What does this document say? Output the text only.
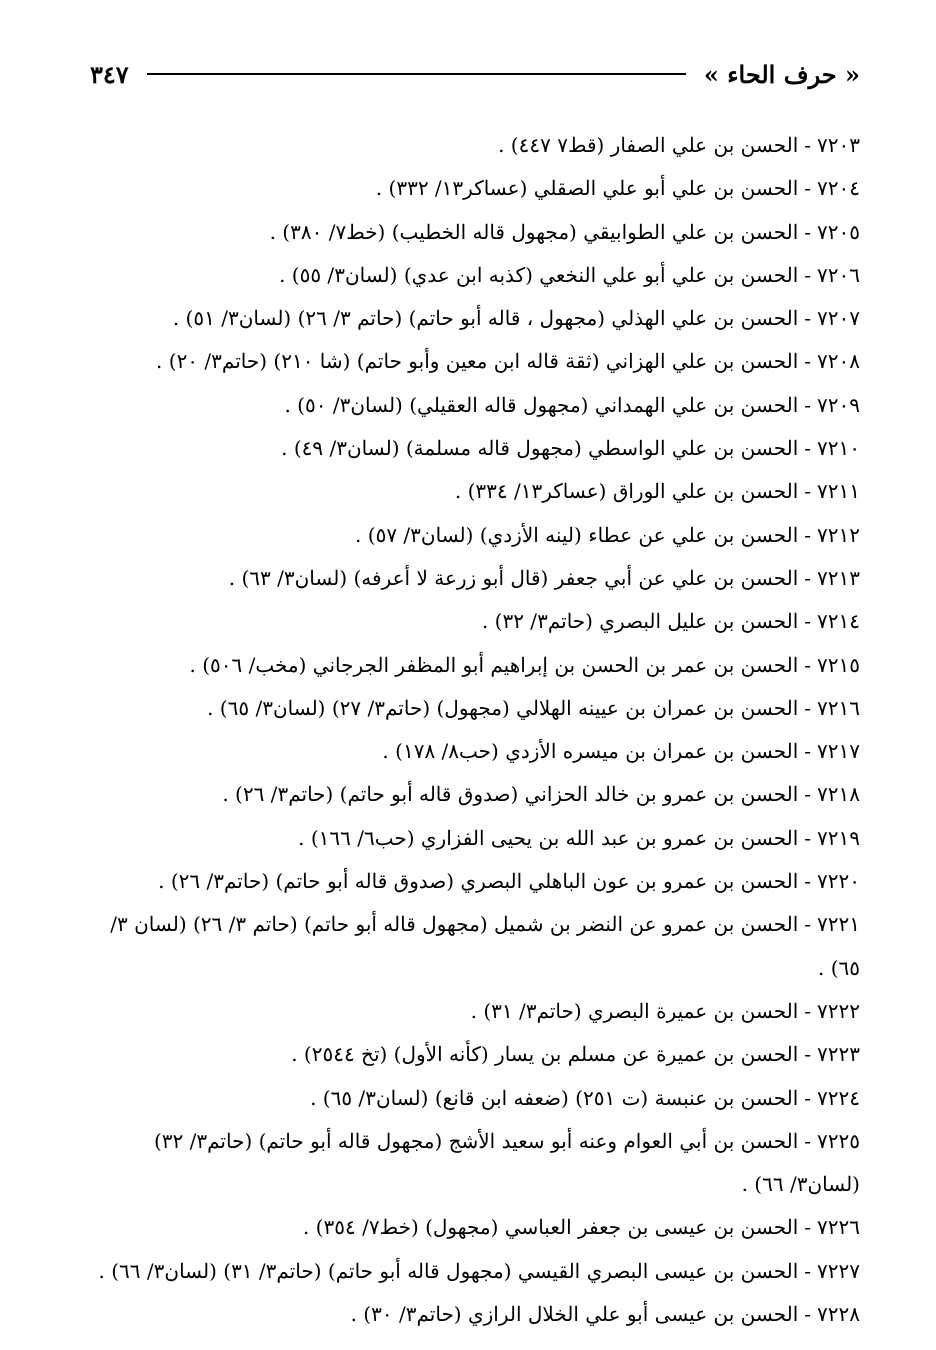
« حرف الحاء »
٣٤٧
٧٢٠٣-الحسن بن علي الصفار (قط٧ ٤٤٧) .
٧٢٠٤-الحسن بن علي أبو علي الصقلي (عساكر١٣/ ٣٣٢) .
٧٢٠٥-الحسن بن علي الطوابيقي (مجهول قاله الخطيب) (خط٧/ ٣٨٠) .
٧٢٠٦-الحسن بن علي أبو علي النخعي (كذبه ابن عدي) (لسان٣/ ٥٥) .
٧٢٠٧-الحسن بن علي الهذلي (مجهول ، قاله أبو حاتم) (حاتم ٣/ ٢٦) (لسان٣/ ٥١) .
٧٢٠٨-الحسن بن علي الهزاني (ثقة قاله ابن معين وأبو حاتم) (شا ٢١٠) (حاتم٣/ ٢٠) .
٧٢٠٩-الحسن بن علي الهمداني (مجهول قاله العقيلي) (لسان٣/ ٥٠) .
٧٢١٠-الحسن بن علي الواسطي (مجهول قاله مسلمة) (لسان٣/ ٤٩) .
٧٢١١-الحسن بن علي الوراق (عساكر١٣/ ٣٣٤) .
٧٢١٢-الحسن بن علي عن عطاء (لينه الأزدي) (لسان٣/ ٥٧) .
٧٢١٣-الحسن بن علي عن أبي جعفر (قال أبو زرعة لا أعرفه) (لسان٣/ ٦٣) .
٧٢١٤-الحسن بن عليل البصري (حاتم٣/ ٣٢) .
٧٢١٥-الحسن بن عمر بن الحسن بن إبراهيم أبو المظفر الجرجاني (مخب/ ٥٠٦) .
٧٢١٦-الحسن بن عمران بن عيينه الهلالي (مجهول) (حاتم٣/ ٢٧) (لسان٣/ ٦٥) .
٧٢١٧-الحسن بن عمران بن ميسره الأزدي (حب٨/ ١٧٨) .
٧٢١٨-الحسن بن عمرو بن خالد الحزاني (صدوق قاله أبو حاتم) (حاتم٣/ ٢٦) .
٧٢١٩-الحسن بن عمرو بن عبد الله بن يحيى الفزاري (حب٦/ ١٦٦) .
٧٢٢٠-الحسن بن عمرو بن عون الباهلي البصري (صدوق قاله أبو حاتم) (حاتم٣/ ٢٦) .
٧٢٢١-الحسن بن عمرو عن النضر بن شميل (مجهول قاله أبو حاتم) (حاتم ٣/ ٢٦) (لسان ٣/ ٦٥) .
٧٢٢٢-الحسن بن عميرة البصري (حاتم٣/ ٣١) .
٧٢٢٣-الحسن بن عميرة عن مسلم بن يسار (كأنه الأول) (تخ ٢٥٤٤) .
٧٢٢٤-الحسن بن عنبسة (ت ٢٥١) (ضعفه ابن قانع) (لسان٣/ ٦٥) .
٧٢٢٥-الحسن بن أبي العوام وعنه أبو سعيد الأشج (مجهول قاله أبو حاتم) (حاتم٣/ ٣٢) (لسان٣/ ٦٦) .
٧٢٢٦-الحسن بن عيسى بن جعفر العباسي (مجهول) (خط٧/ ٣٥٤) .
٧٢٢٧-الحسن بن عيسى البصري القيسي (مجهول قاله أبو حاتم) (حاتم٣/ ٣١) (لسان٣/ ٦٦) .
٧٢٢٨-الحسن بن عيسى أبو علي الخلال الرازي (حاتم٣/ ٣٠) .
